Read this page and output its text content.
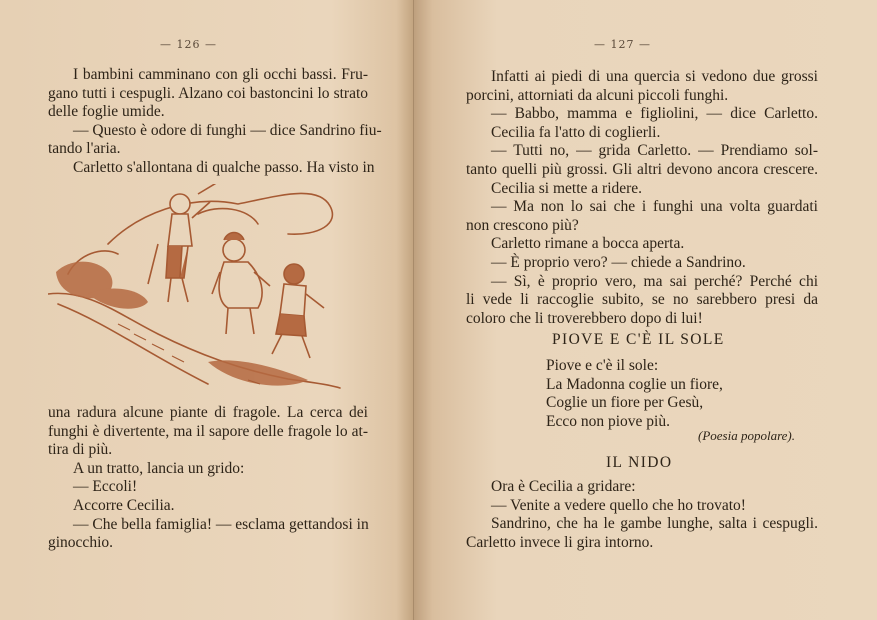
— 126 —
I bambini camminano con gli occhi bassi. Fru-
gano tutti i cespugli. Alzano coi bastoncini lo strato
delle foglie umide.
— Questo è odore di funghi — dice Sandrino fiu-
tando l'aria.
Carletto s'allontana di qualche passo. Ha visto in
una radura alcune piante di fragole. La cerca dei
funghi è divertente, ma il sapore delle fragole lo at-
tira di più.
A un tratto, lancia un grido:
— Eccoli!
Accorre Cecilia.
— Che bella famiglia! — esclama gettandosi in
ginocchio.
— 127 —
Infatti ai piedi di una quercia si vedono due grossi
porcini, attorniati da alcuni piccoli funghi.
— Babbo, mamma e figliolini, — dice Carletto.
Cecilia fa l'atto di coglierli.
— Tutti no, — grida Carletto. — Prendiamo sol-
tanto quelli più grossi. Gli altri devono ancora crescere.
Cecilia si mette a ridere.
— Ma non lo sai che i funghi una volta guardati
non crescono più?
Carletto rimane a bocca aperta.
— È proprio vero? — chiede a Sandrino.
— Sì, è proprio vero, ma sai perché? Perché chi
li vede li raccoglie subito, se no sarebbero presi da
coloro che li troverebbero dopo di lui!
PIOVE E C'È IL SOLE
Piove e c'è il sole:
La Madonna coglie un fiore,
Coglie un fiore per Gesù,
Ecco non piove più.
(Poesia popolare).
IL NIDO
Ora è Cecilia a gridare:
— Venite a vedere quello che ho trovato!
Sandrino, che ha le gambe lunghe, salta i cespugli.
Carletto invece li gira intorno.
